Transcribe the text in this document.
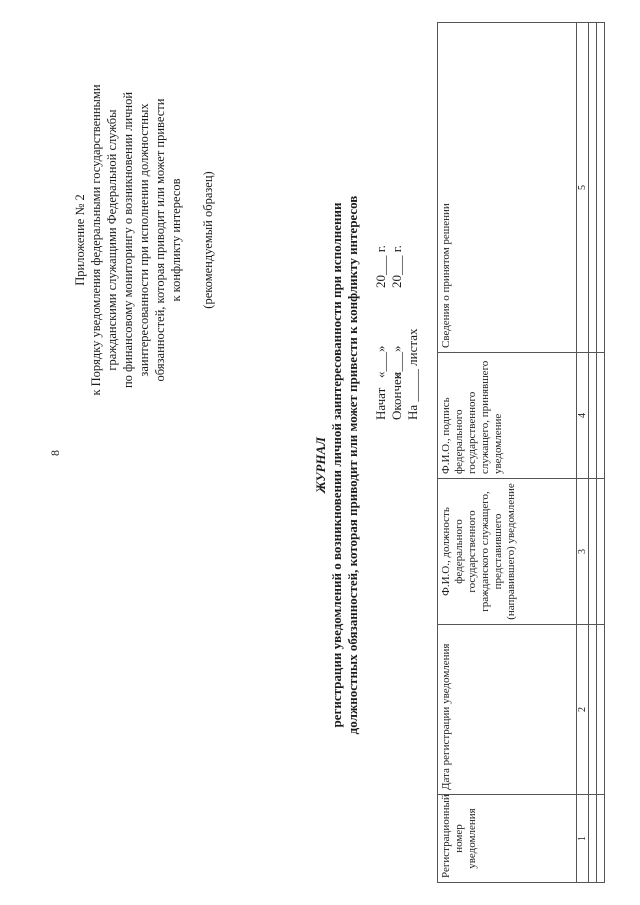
8
Приложение № 2 к Порядку уведомления федеральными государственными гражданскими служащими Федеральной службы по финансовому мониторингу о возникновении личной заинтересованности при исполнении должностных обязанностей, которая приводит или может привести к конфликту интересов (рекомендуемый образец)
ЖУРНАЛ регистрации уведомлений о возникновении личной заинтересованности при исполнении должностных обязанностей, которая приводит или может привести к конфликту интересов Начат«___»20___ г.
Окончен«___»20___ г.
На _____ листах
Регистрационный номер уведомления	Дата регистрации уведомления	Ф.И.О., должность федерального государственного гражданского служащего, представившего (направившего) уведомление	Ф.И.О., подпись федерального государственного служащего, принявшего уведомление	Сведения о принятом решении
1	2	3	4	5
